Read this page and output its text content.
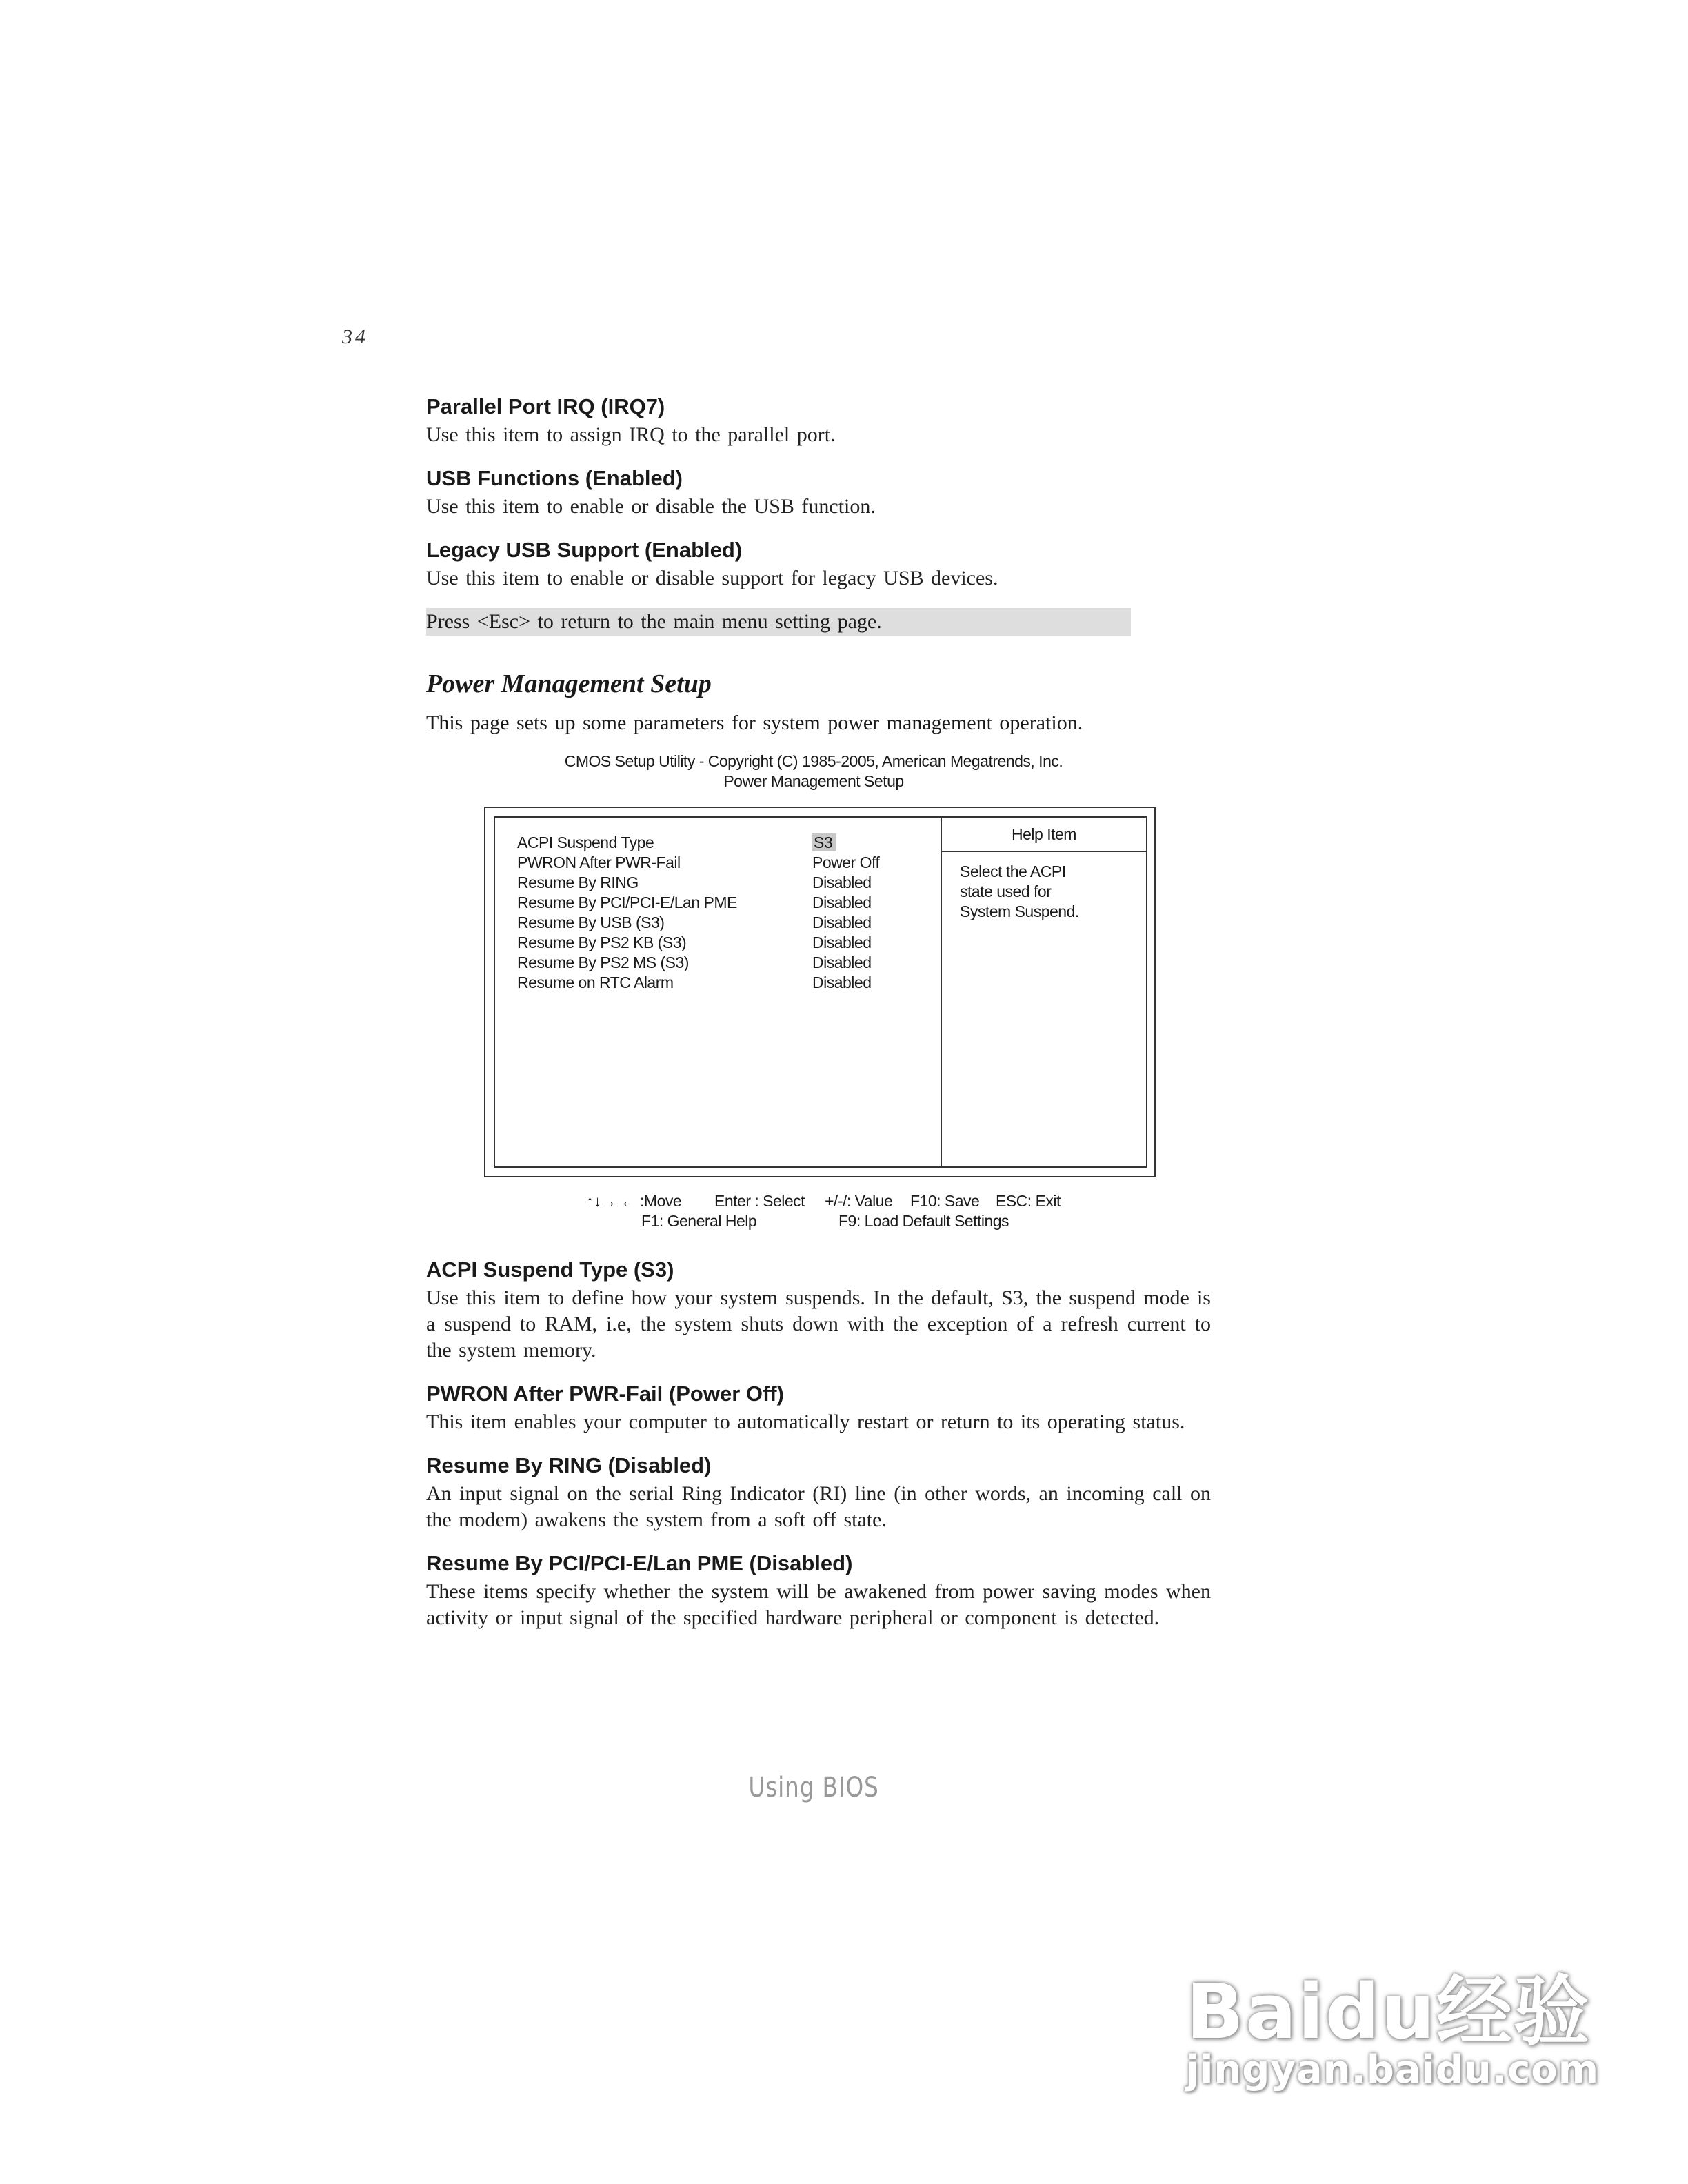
34
Parallel Port IRQ (IRQ7)

Use this item to assign IRQ to the parallel port.

USB Functions (Enabled)

Use this item to enable or disable the USB function.

Legacy USB Support (Enabled)

Use this item to enable or disable support for legacy USB devices.

Press <Esc> to return to the main menu setting page.
Power Management Setup
This page sets up some parameters for system power management operation.
CMOS Setup Utility - Copyright (C) 1985-2005, American Megatrends, Inc.
Power Management Setup
Help Item
Select the ACPI
state used for
System Suspend.
ACPI Suspend Type	S3
PWRON After PWR-Fail	Power Off
Resume By RING	Disabled
Resume By PCI/PCI-E/Lan PME	Disabled
Resume By USB (S3)	Disabled
Resume By PS2 KB (S3)	Disabled
Resume By PS2 MS (S3)	Disabled
Resume on RTC Alarm	Disabled
↑↓→ ← :Move	Enter : Select	+/-/: Value	F10: Save	ESC: Exit
F1: General Help	F9: Load Default Settings
ACPI Suspend Type (S3)

Use this item to define how your system suspends. In the default, S3, the suspend mode is a suspend to RAM, i.e, the system shuts down with the exception of a refresh current to the system memory.

PWRON After PWR-Fail (Power Off)

This item enables your computer to automatically restart or return to its operating status.

Resume By RING (Disabled)

An input signal on the serial Ring Indicator (RI) line (in other words, an incoming call on the modem) awakens the system from a soft off state.

Resume By PCI/PCI-E/Lan PME (Disabled)

These items specify whether the system will be awakened from power saving modes when activity or input signal of the specified hardware peripheral or component is detected.

Using BIOS
Baidu经验
jingyan.baidu.com
